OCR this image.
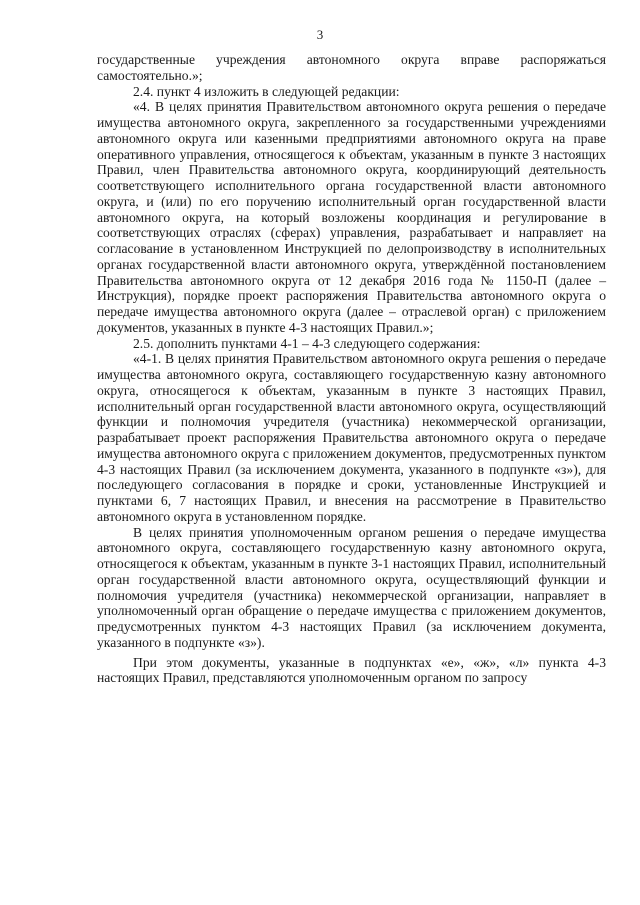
3

государственные учреждения автономного округа вправе распоряжаться самостоятельно.»;

2.4. пункт 4 изложить в следующей редакции:

«4. В целях принятия Правительством автономного округа решения о передаче имущества автономного округа, закрепленного за государственными учреждениями автономного округа или казенными предприятиями автономного округа на праве оперативного управления, относящегося к объектам, указанным в пункте 3 настоящих Правил, член Правительства автономного округа, координирующий деятельность соответствующего исполнительного органа государственной власти автономного округа, и (или) по его поручению исполнительный орган государственной власти автономного округа, на который возложены координация и регулирование в соответствующих отраслях (сферах) управления, разрабатывает и направляет на согласование в установленном Инструкцией по делопроизводству в исполнительных органах государственной власти автономного округа, утверждённой постановлением Правительства автономного округа от 12 декабря 2016 года № 1150-П (далее – Инструкция), порядке проект распоряжения Правительства автономного округа о передаче имущества автономного округа (далее – отраслевой орган) с приложением документов, указанных в пункте 4-3 настоящих Правил.»;

2.5. дополнить пунктами 4-1 – 4-3 следующего содержания:

«4-1. В целях принятия Правительством автономного округа решения о передаче имущества автономного округа, составляющего государственную казну автономного округа, относящегося к объектам, указанным в пункте 3 настоящих Правил, исполнительный орган государственной власти автономного округа, осуществляющий функции и полномочия учредителя (участника) некоммерческой организации, разрабатывает проект распоряжения Правительства автономного округа о передаче имущества автономного округа с приложением документов, предусмотренных пунктом 4-3 настоящих Правил (за исключением документа, указанного в подпункте «з»), для последующего согласования в порядке и сроки, установленные Инструкцией и пунктами 6, 7 настоящих Правил, и внесения на рассмотрение в Правительство автономного округа в установленном порядке.

В целях принятия уполномоченным органом решения о передаче имущества автономного округа, составляющего государственную казну автономного округа, относящегося к объектам, указанным в пункте 3-1 настоящих Правил, исполнительный орган государственной власти автономного округа, осуществляющий функции и полномочия учредителя (участника) некоммерческой организации, направляет в уполномоченный орган обращение о передаче имущества с приложением документов, предусмотренных пунктом 4-3 настоящих Правил (за исключением документа, указанного в подпункте «з»).

При этом документы, указанные в подпунктах «е», «ж», «л» пункта 4-3 настоящих Правил, представляются уполномоченным органом по запросу
